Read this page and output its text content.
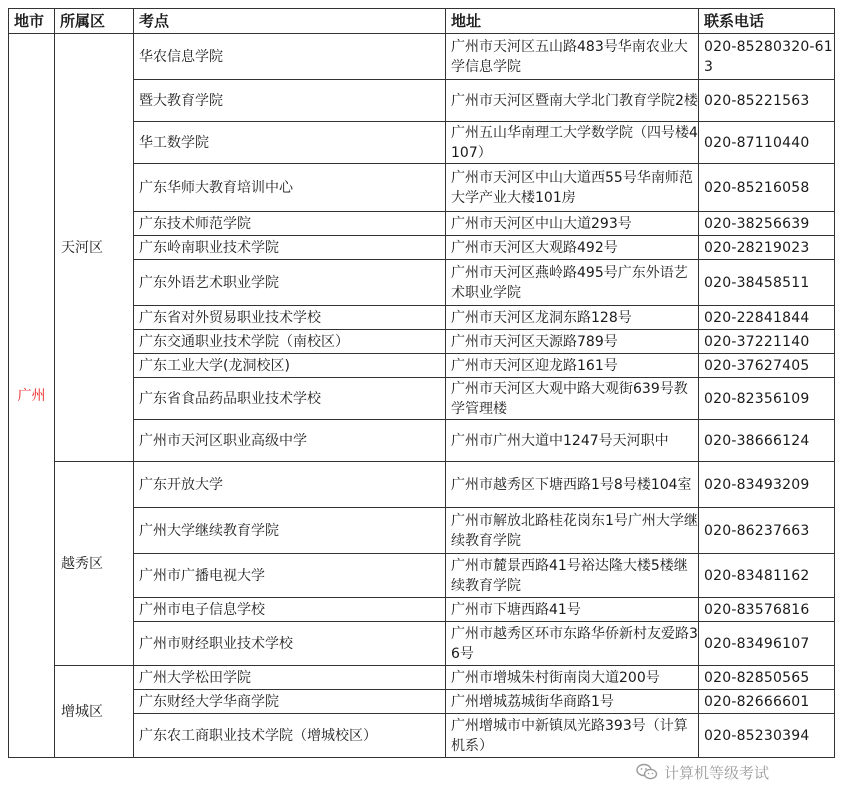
地市	所属区	考点	地址	联系电话
广州	天河区	华农信息学院	广州市天河区五山路483号华南农业大学信息学院	020-85280320-613
		暨大教育学院	广州市天河区暨南大学北门教育学院2楼	020-85221563
		华工数学院	广州五山华南理工大学数学院（四号楼4107）	020-87110440
		广东华师大教育培训中心	广州市天河区中山大道西55号华南师范大学产业大楼101房	020-85216058
		广东技术师范学院	广州市天河区中山大道293号	020-38256639
		广东岭南职业技术学院	广州市天河区大观路492号	020-28219023
		广东外语艺术职业学院	广州市天河区燕岭路495号广东外语艺术职业学院	020-38458511
		广东省对外贸易职业技术学校	广州市天河区龙洞东路128号	020-22841844
		广东交通职业技术学院（南校区）	广州市天河区天源路789号	020-37221140
		广东工业大学(龙洞校区)	广州市天河区迎龙路161号	020-37627405
		广东省食品药品职业技术学校	广州市天河区大观中路大观街639号教学管理楼	020-82356109
		广州市天河区职业高级中学	广州市广州大道中1247号天河职中	020-38666124
	越秀区	广东开放大学	广州市越秀区下塘西路1号8号楼104室	020-83493209
		广州大学继续教育学院	广州市解放北路桂花岗东1号广州大学继续教育学院	020-86237663
		广州市广播电视大学	广州市麓景西路41号裕达隆大楼5楼继续教育学院	020-83481162
		广州市电子信息学校	广州市下塘西路41号	020-83576816
		广州市财经职业技术学校	广州市越秀区环市东路华侨新村友爱路36号	020-83496107
	增城区	广州大学松田学院	广州市增城朱村街南岗大道200号	020-82850565
		广东财经大学华商学院	广州增城荔城街华商路1号	020-82666601
		广东农工商职业技术学院（增城校区）	广州增城市中新镇凤光路393号（计算机系）	020-85230394
计算机等级考试
